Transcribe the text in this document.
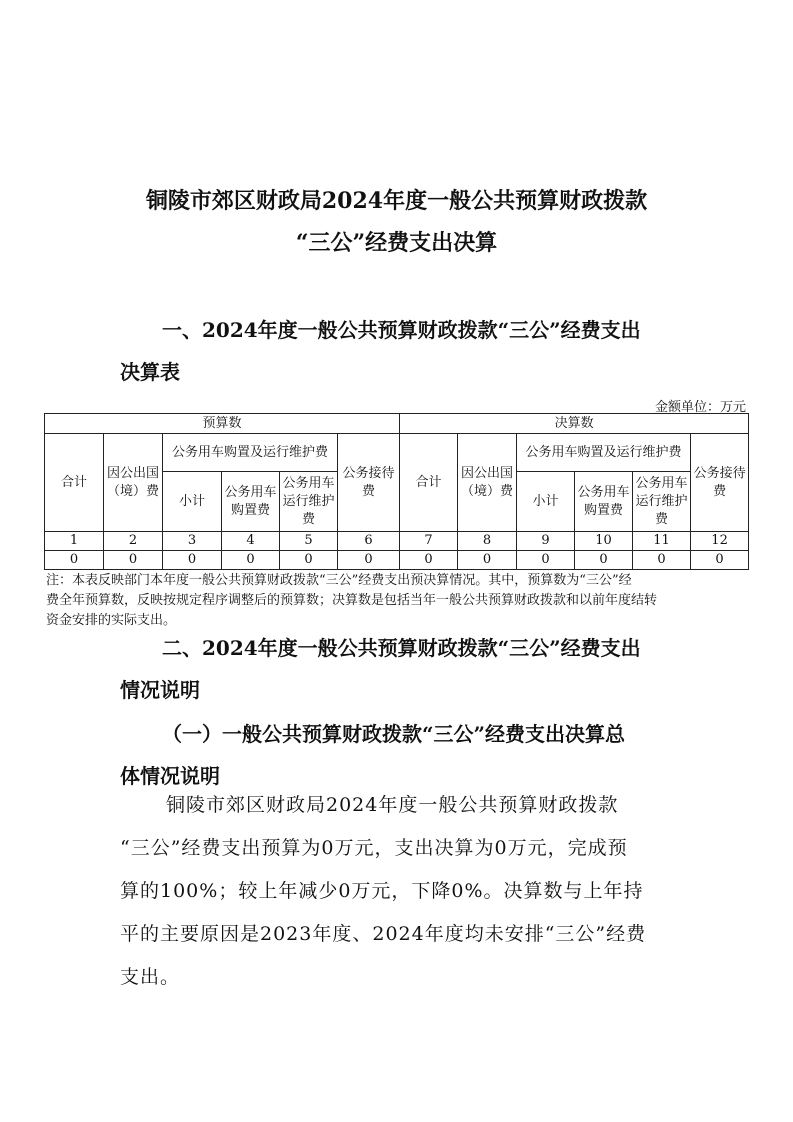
铜陵市郊区财政局2024年度一般公共预算财政拨款
“三公”经费支出决算
一、2024年度一般公共预算财政拨款“三公”经费支出
决算表
金额单位：万元
预算数						决算数					
合计	因公出国（境）费	公务用车购置及运行维护费			公务接待费	合计	因公出国（境）费	公务用车购置及运行维护费			公务接待费
		小计	公务用车购置费	公务用车运行维护费				小计	公务用车购置费	公务用车运行维护费	
1	2	3	4	5	6	7	8	9	10	11	12
0	0	0	0	0	0	0	0	0	0	0	0
注：本表反映部门本年度一般公共预算财政拨款“三公”经费支出预决算情况。其中，预算数为“三公”经
费全年预算数，反映按规定程序调整后的预算数；决算数是包括当年一般公共预算财政拨款和以前年度结转
资金安排的实际支出。
二、2024年度一般公共预算财政拨款“三公”经费支出
情况说明
（一）一般公共预算财政拨款“三公”经费支出决算总
体情况说明
铜陵市郊区财政局2024年度一般公共预算财政拨款
“三公”经费支出预算为0万元，支出决算为0万元，完成预
算的100%；较上年减少0万元，下降0%。决算数与上年持
平的主要原因是2023年度、2024年度均未安排“三公”经费
支出。
